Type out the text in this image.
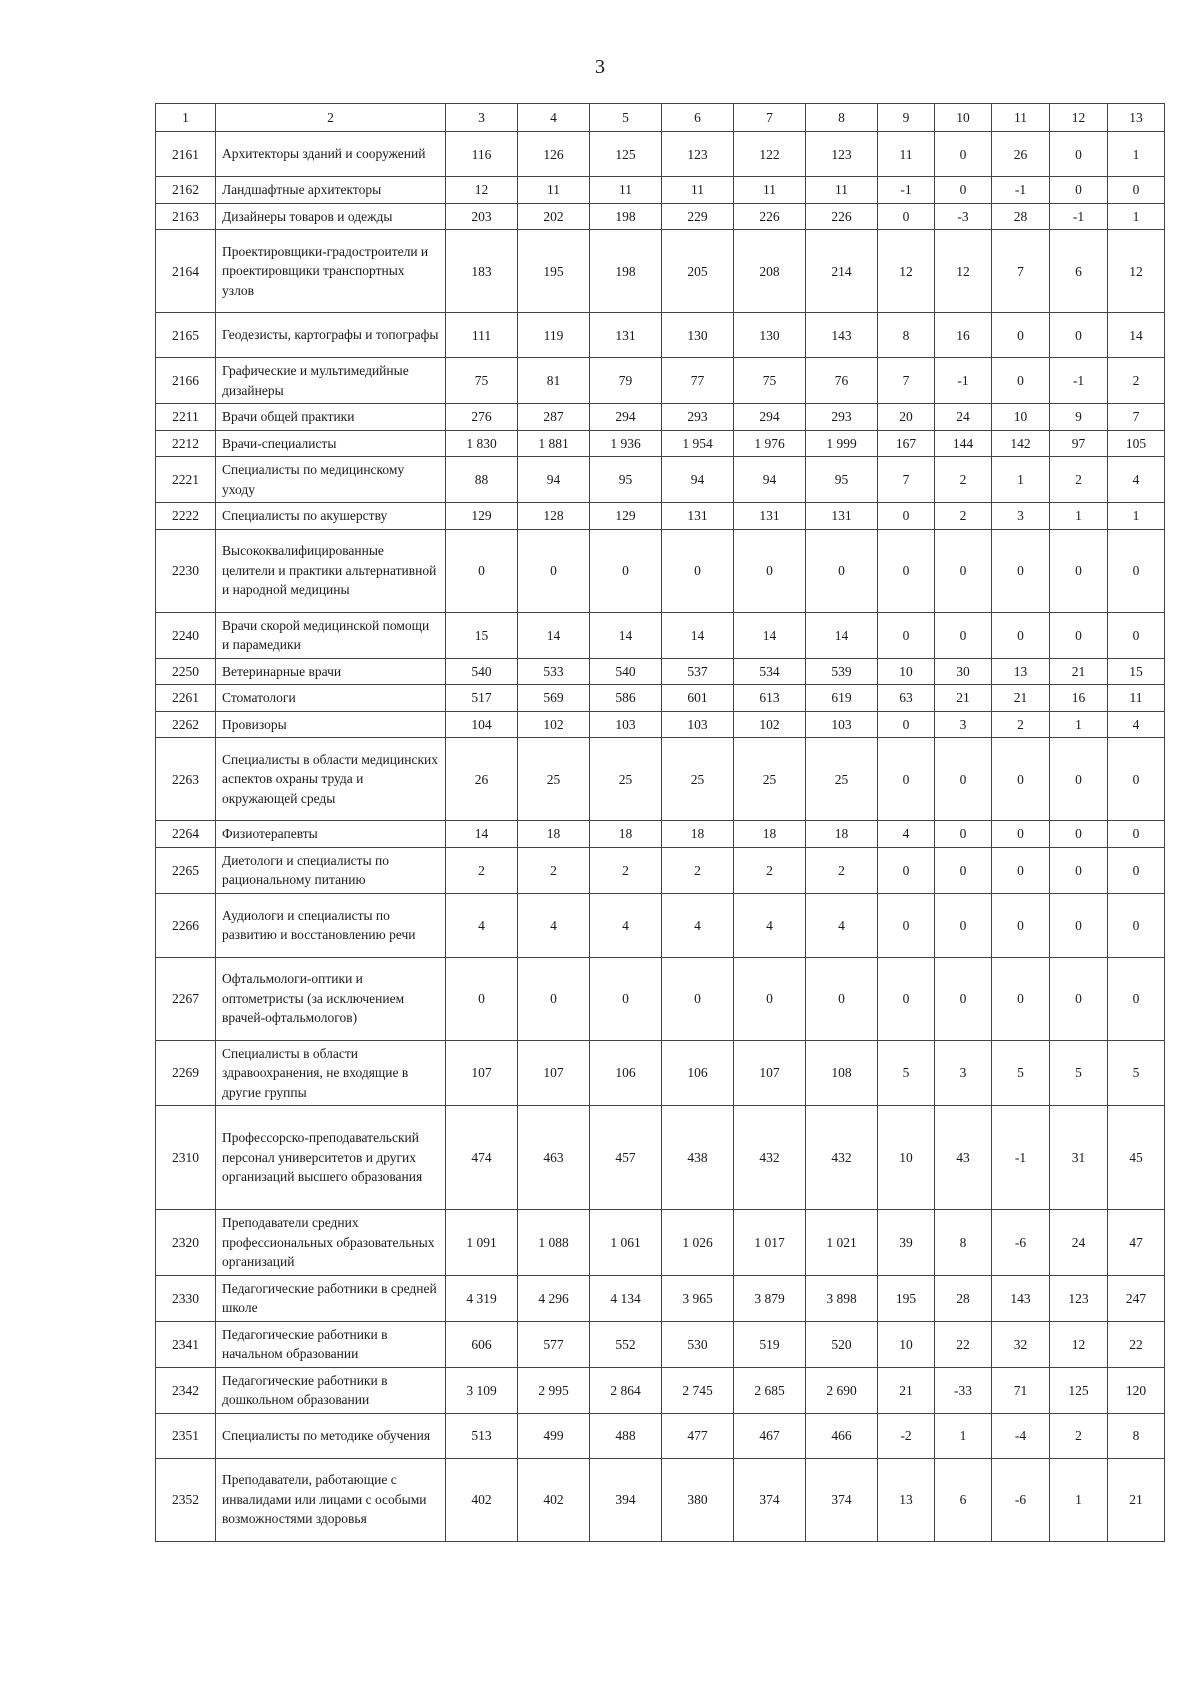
3
1	2	3	4	5	6	7	8	9	10	11	12	13
2161	Архитекторы зданий и сооружений	116	126	125	123	122	123	11	0	26	0	1
2162	Ландшафтные архитекторы	12	11	11	11	11	11	-1	0	-1	0	0
2163	Дизайнеры товаров и одежды	203	202	198	229	226	226	0	-3	28	-1	1
2164	Проектировщики-градостроители и проектировщики транспортных узлов	183	195	198	205	208	214	12	12	7	6	12
2165	Геодезисты, картографы и топографы	111	119	131	130	130	143	8	16	0	0	14
2166	Графические и мультимедийные дизайнеры	75	81	79	77	75	76	7	-1	0	-1	2
2211	Врачи общей практики	276	287	294	293	294	293	20	24	10	9	7
2212	Врачи-специалисты	1 830	1 881	1 936	1 954	1 976	1 999	167	144	142	97	105
2221	Специалисты по медицинскому уходу	88	94	95	94	94	95	7	2	1	2	4
2222	Специалисты по акушерству	129	128	129	131	131	131	0	2	3	1	1
2230	Высококвалифицированные целители и практики альтернативной и народной медицины	0	0	0	0	0	0	0	0	0	0	0
2240	Врачи скорой медицинской помощи и парамедики	15	14	14	14	14	14	0	0	0	0	0
2250	Ветеринарные врачи	540	533	540	537	534	539	10	30	13	21	15
2261	Стоматологи	517	569	586	601	613	619	63	21	21	16	11
2262	Провизоры	104	102	103	103	102	103	0	3	2	1	4
2263	Специалисты в области медицинских аспектов охраны труда и окружающей среды	26	25	25	25	25	25	0	0	0	0	0
2264	Физиотерапевты	14	18	18	18	18	18	4	0	0	0	0
2265	Диетологи и специалисты по рациональному питанию	2	2	2	2	2	2	0	0	0	0	0
2266	Аудиологи и специалисты по развитию и восстановлению речи	4	4	4	4	4	4	0	0	0	0	0
2267	Офтальмологи-оптики и оптометристы (за исключением врачей-офтальмологов)	0	0	0	0	0	0	0	0	0	0	0
2269	Специалисты в области здравоохранения, не входящие в другие группы	107	107	106	106	107	108	5	3	5	5	5
2310	Профессорско-преподавательский персонал университетов и других организаций высшего образования	474	463	457	438	432	432	10	43	-1	31	45
2320	Преподаватели средних профессиональных образовательных организаций	1 091	1 088	1 061	1 026	1 017	1 021	39	8	-6	24	47
2330	Педагогические работники в средней школе	4 319	4 296	4 134	3 965	3 879	3 898	195	28	143	123	247
2341	Педагогические работники в начальном образовании	606	577	552	530	519	520	10	22	32	12	22
2342	Педагогические работники в дошкольном образовании	3 109	2 995	2 864	2 745	2 685	2 690	21	-33	71	125	120
2351	Специалисты по методике обучения	513	499	488	477	467	466	-2	1	-4	2	8
2352	Преподаватели, работающие с инвалидами или лицами с особыми возможностями здоровья	402	402	394	380	374	374	13	6	-6	1	21
